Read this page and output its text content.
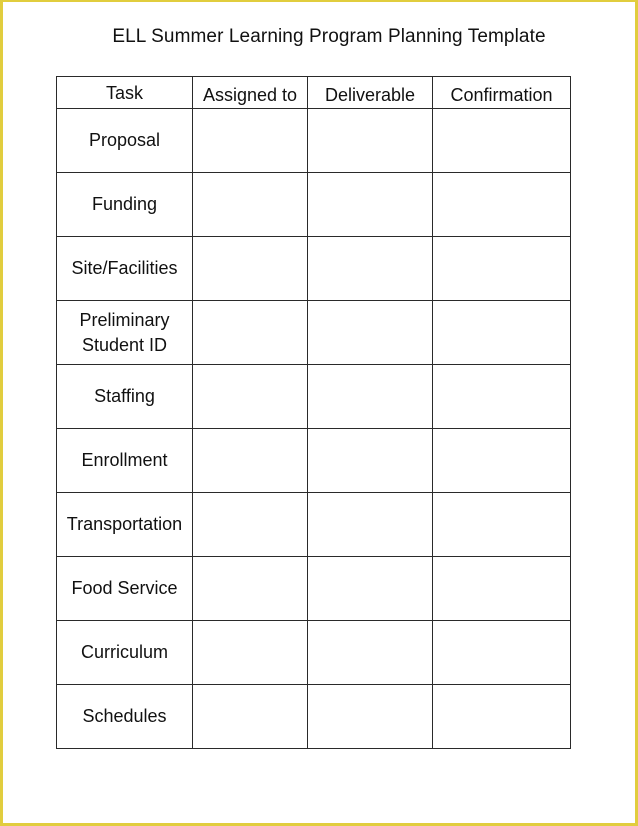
ELL Summer Learning Program Planning Template
Task	Assigned to	Deliverable	Confirmation
Proposal			
Funding			
Site/Facilities			
Preliminary Student ID			
Staffing			
Enrollment			
Transportation			
Food Service			
Curriculum			
Schedules			
